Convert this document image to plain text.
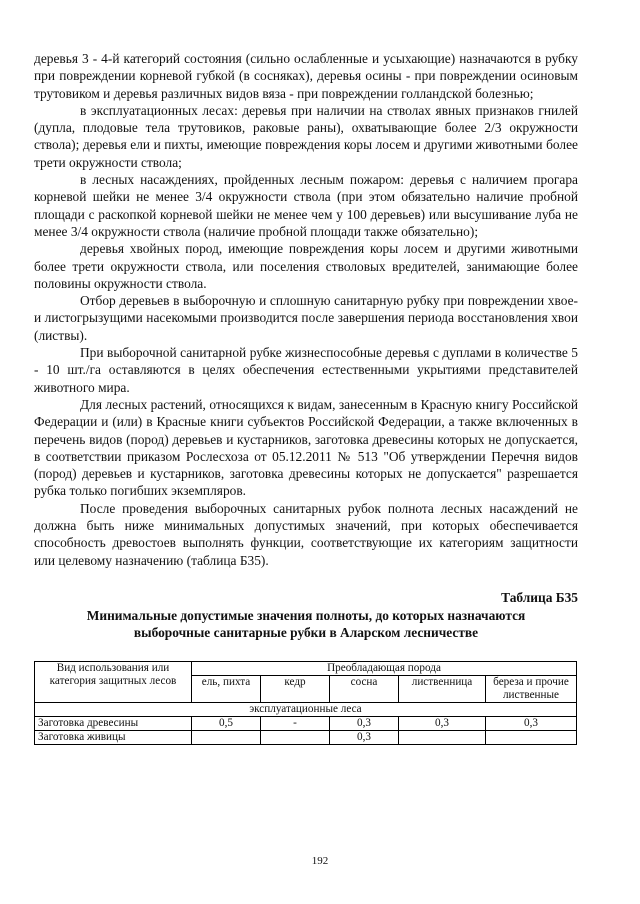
деревья 3 - 4-й категорий состояния (сильно ослабленные и усыхающие) назначаются в рубку при повреждении корневой губкой (в сосняках), деревья осины - при повреждении осиновым трутовиком и деревья различных видов вяза - при повреждении голландской болезнью;

в эксплуатационных лесах: деревья при наличии на стволах явных признаков гнилей (дупла, плодовые тела трутовиков, раковые раны), охватывающие более 2/3 окружности ствола); деревья ели и пихты, имеющие повреждения коры лосем и другими животными более трети окружности ствола;

в лесных насаждениях, пройденных лесным пожаром: деревья с наличием прогара корневой шейки не менее 3/4 окружности ствола (при этом обязательно наличие пробной площади с раскопкой корневой шейки не менее чем у 100 деревьев) или высушивание луба не менее 3/4 окружности ствола (наличие пробной площади также обязательно);

деревья хвойных пород, имеющие повреждения коры лосем и другими животными более трети окружности ствола, или поселения стволовых вредителей, занимающие более половины окружности ствола.

Отбор деревьев в выборочную и сплошную санитарную рубку при повреждении хвое- и листогрызущими насекомыми производится после завершения периода восстановления хвои (листвы).

При выборочной санитарной рубке жизнеспособные деревья с дуплами в количестве 5 - 10 шт./га оставляются в целях обеспечения естественными укрытиями представителей животного мира.

Для лесных растений, относящихся к видам, занесенным в Красную книгу Российской Федерации и (или) в Красные книги субъектов Российской Федерации, а также включенных в перечень видов (пород) деревьев и кустарников, заготовка древесины которых не допускается, в соответствии приказом Рослесхоза от 05.12.2011 № 513 "Об утверждении Перечня видов (пород) деревьев и кустарников, заготовка древесины которых не допускается" разрешается рубка только погибших экземпляров.

После проведения выборочных санитарных рубок полнота лесных насаждений не должна быть ниже минимальных допустимых значений, при которых обеспечивается способность древостоев выполнять функции, соответствующие их категориям защитности или целевому назначению (таблица Б35).

Таблица Б35
Минимальные допустимые значения полноты, до которых назначаются выборочные санитарные рубки в Аларском лесничестве
Вид использования или категория защитных лесов	Преобладающая порода				
	ель, пихта	кедр	сосна	лиственница	береза и прочие лиственные
эксплуатационные леса					
Заготовка древесины	0,5	-	0,3	0,3	0,3
Заготовка живицы			0,3		
192
